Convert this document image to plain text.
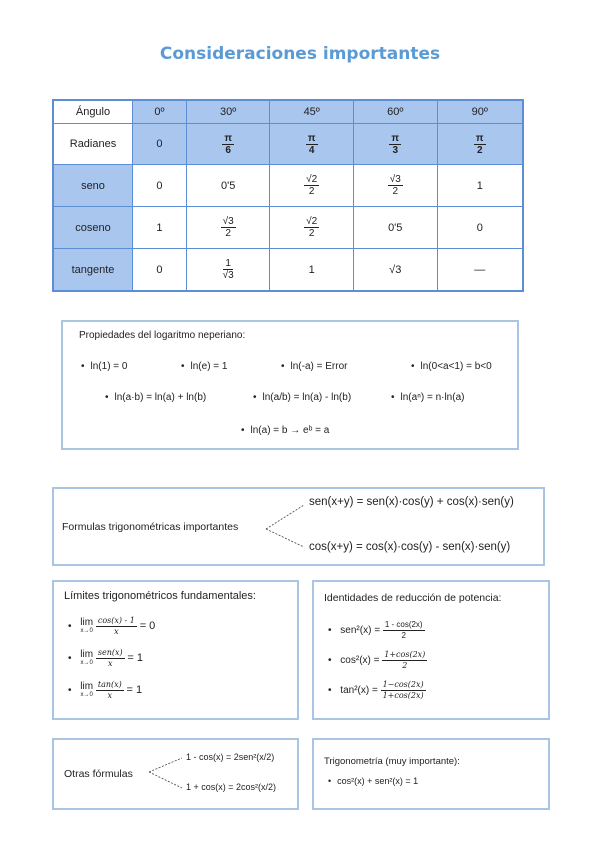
Consideraciones importantes
Ángulo	0º	30º	45º	60º	90º
Radianes	0	$\frac{\pi}{6}$	$\frac{\pi}{4}$	$\frac{\pi}{3}$	$\frac{\pi}{2}$

seno	0	0'5	$\frac{√2}{2}$	$\frac{√3}{2}$	1
coseno	1	$\frac{√3}{2}$	$\frac{√2}{2}$	0'5	0
tangente	0	$\frac{1}{√3}$	1	√3	—
Propiedades del logaritmo neperiano:
• ln(1) = 0	• ln(e) = 1	• ln(-a) = Error	• ln(0<a<1) = b<0
• ln(a·b) = ln(a) + ln(b)	• ln(a/b) = ln(a) - ln(b)	• ln(aⁿ) = n·ln(a)
• ln(a) = b → eᵇ = a
Formulas trigonométricas importantes
sen(x+y) = sen(x)·cos(y) + cos(x)·sen(y)
cos(x+y) = cos(x)·cos(y) - sen(x)·sen(y)
Límites trigonométricos fundamentales:

• lim
x→0
$\frac{\cos(x) - 1}{x} = 0$

• lim
x→0

sen(x)
x = 1

• lim
x→0
$\frac{\tan(x)}{x} = 1$
Identidades de reducción de potencia:
• $sen^2(x) = \frac{1 - \cos(2x)}{2}$
• $\cos^2(x) = \frac{1+\cos(2x)}{2}$
• $\tan^2(x) = \frac{1-\cos(2x)}{1+\cos(2x)}$
Otras fórmulas
1 - cos(x) = 2sen²(x/2)
1 + cos(x) = 2cos²(x/2)
Trigonometría (muy importante):
• cos²(x) + sen²(x) = 1
